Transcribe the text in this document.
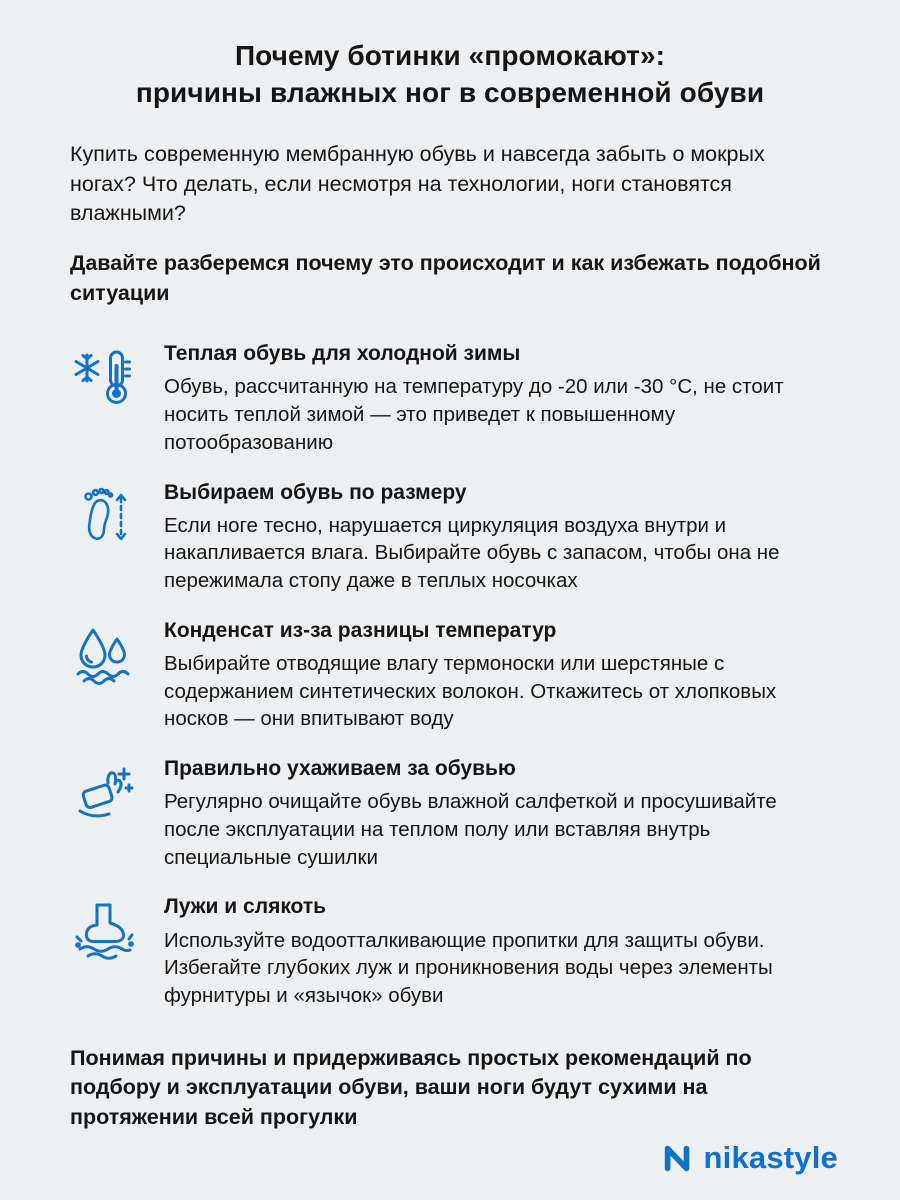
Почему ботинки «промокают»:
причины влажных ног в современной обуви

Купить современную мембранную обувь и навсегда забыть о мокрых ногах? Что делать, если несмотря на технологии, ноги становятся влажными?

Давайте разберемся почему это происходит и как избежать подобной ситуации

Теплая обувь для холодной зимы

Обувь, рассчитанную на температуру до -20 или -30 °С, не стоит носить теплой зимой — это приведет к повышенному потообразованию

Выбираем обувь по размеру

Если ноге тесно, нарушается циркуляция воздуха внутри и накапливается влага. Выбирайте обувь с запасом, чтобы она не пережимала стопу даже в теплых носочках

Конденсат из-за разницы температур

Выбирайте отводящие влагу термоноски или шерстяные с содержанием синтетических волокон. Откажитесь от хлопковых носков — они впитывают воду

Правильно ухаживаем за обувью

Регулярно очищайте обувь влажной салфеткой и просушивайте после эксплуатации на теплом полу или вставляя внутрь специальные сушилки

Лужи и слякоть

Используйте водоотталкивающие пропитки для защиты обуви. Избегайте глубоких луж и проникновения воды через элементы фурнитуры и «язычок» обуви

Понимая причины и придерживаясь простых рекомендаций по подбору и эксплуатации обуви, ваши ноги будут сухими на протяжении всей прогулки

nikastyle
